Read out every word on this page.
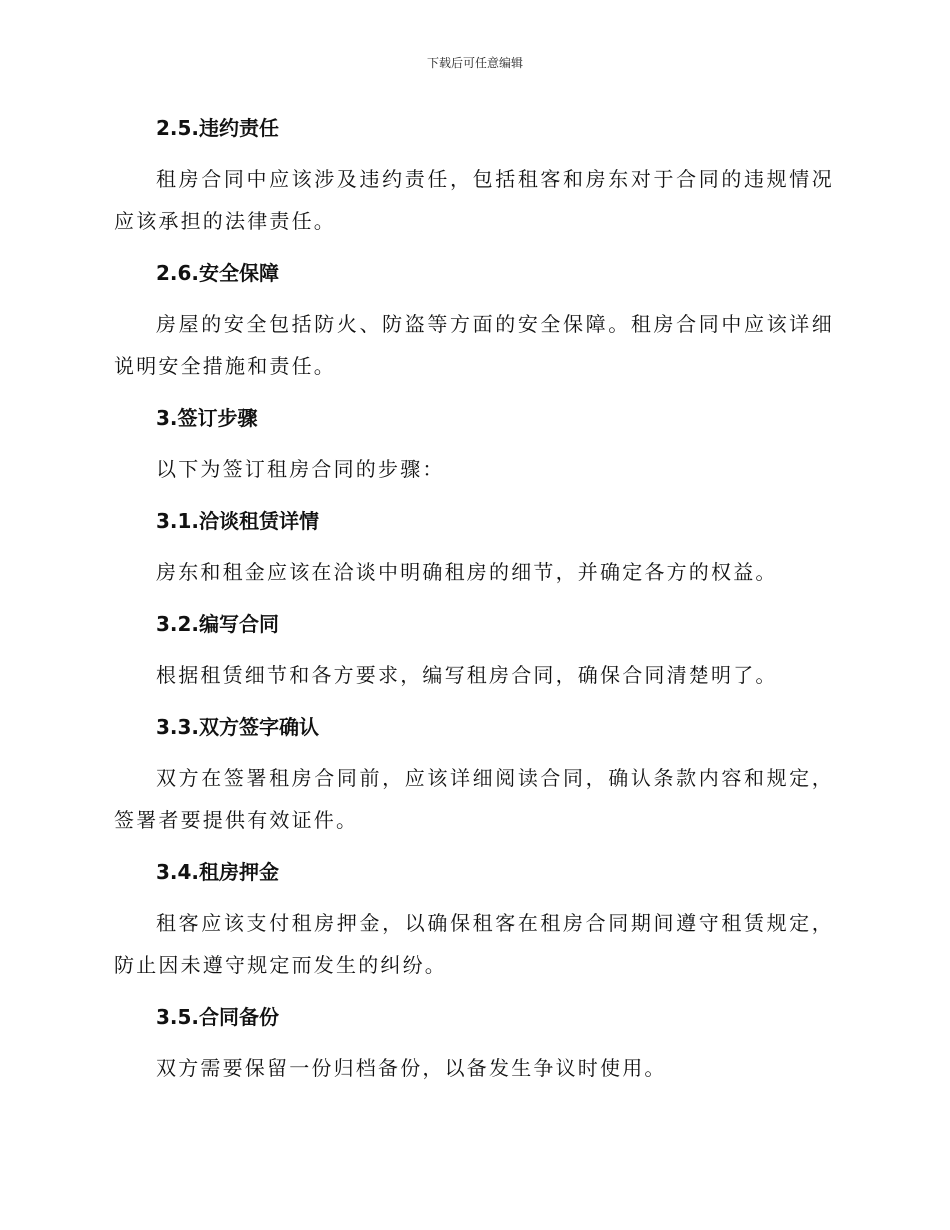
下载后可任意编辑
2.5.违约责任

租房合同中应该涉及违约责任，包括租客和房东对于合同的违规情况应该承担的法律责任。

2.6.安全保障

房屋的安全包括防火、防盗等方面的安全保障。租房合同中应该详细说明安全措施和责任。

3.签订步骤

以下为签订租房合同的步骤：

3.1.洽谈租赁详情

房东和租金应该在洽谈中明确租房的细节，并确定各方的权益。

3.2.编写合同

根据租赁细节和各方要求，编写租房合同，确保合同清楚明了。

3.3.双方签字确认

双方在签署租房合同前，应该详细阅读合同，确认条款内容和规定，签署者要提供有效证件。

3.4.租房押金

租客应该支付租房押金，以确保租客在租房合同期间遵守租赁规定，防止因未遵守规定而发生的纠纷。

3.5.合同备份

双方需要保留一份归档备份，以备发生争议时使用。
